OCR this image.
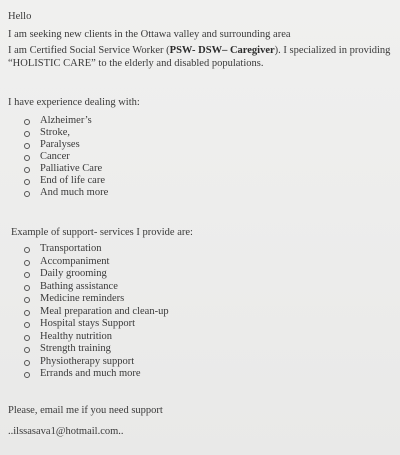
Hello
I am seeking new clients in the Ottawa valley and surrounding area
I am Certified Social Service Worker (PSW- DSW– Caregiver). I specialized in providing
“HOLISTIC CARE” to the elderly and disabled populations.
I have experience dealing with:
Alzheimer’s
Stroke,
Paralyses
Cancer
Palliative Care
End of life care
And much more
Example of support- services I provide are:
Transportation
Accompaniment
Daily grooming
Bathing assistance
Medicine reminders
Meal preparation and clean-up
Hospital stays Support
Healthy nutrition
Strength training
Physiotherapy support
Errands and much more
Please, email me if you need support
..ilssasava1@hotmail.com..
